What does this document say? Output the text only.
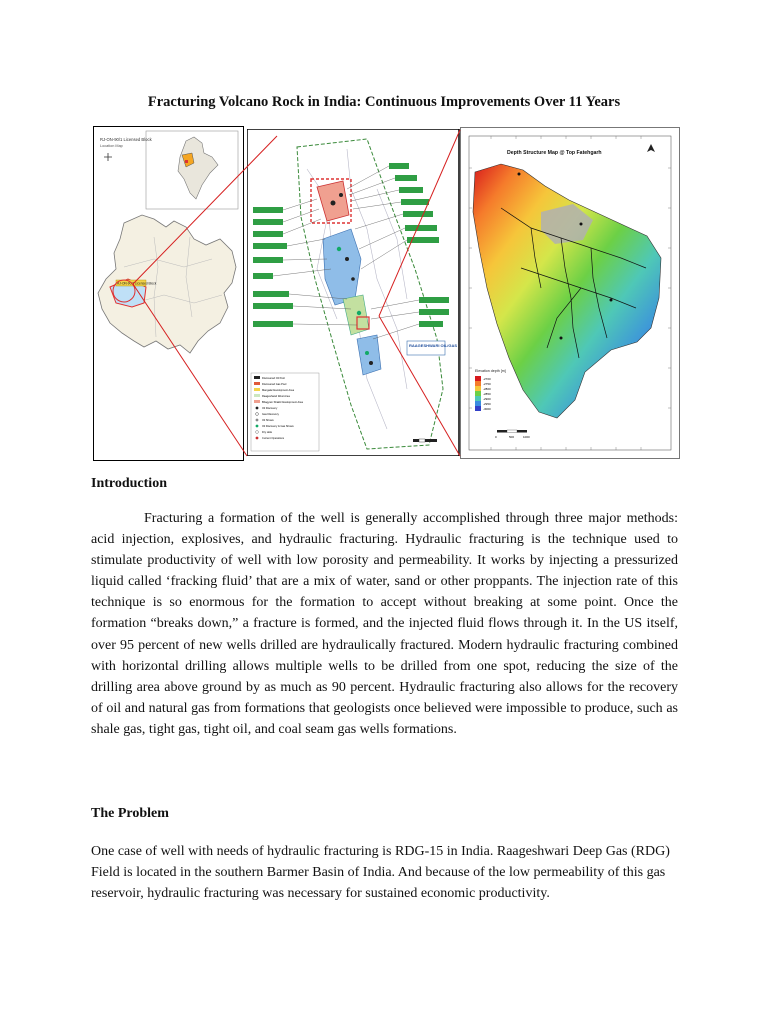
Fracturing Volcano Rock in India: Continuous Improvements Over 11 Years
RJ-ON-90/1 Licensed Block
Location Map
RJ-ON-90/1 Licensed Block
RAAGESHWARI OIL/GAS
Discovered Oil Pool
Discovered Gas Pool
Mangala Development Area
Raageshwari West Area
Bhagyam Shakti Development Area
Oil Discovery
Gas Discovery
Oil Shows
Oil Discovery & Gas Shows
Dry Hole
Current Operations
Depth Structure Map @ Top Fatehgarh
Elevation depth [m]
-2700
-2750
-2800
-2850
-2900
-2950
-3000
0	500	1000
Introduction
Fracturing a formation of the well is generally accomplished through three major methods: acid injection, explosives, and hydraulic fracturing. Hydraulic fracturing is the technique used to stimulate productivity of well with low porosity and permeability. It works by injecting a pressurized liquid called ‘fracking fluid’ that are a mix of water, sand or other proppants. The injection rate of this technique is so enormous for the formation to accept without breaking at some point. Once the formation “breaks down,” a fracture is formed, and the injected fluid flows through it. In the US itself, over 95 percent of new wells drilled are hydraulically fractured. Modern hydraulic fracturing combined with horizontal drilling allows multiple wells to be drilled from one spot, reducing the size of the drilling area above ground by as much as 90 percent. Hydraulic fracturing also allows for the recovery of oil and natural gas from formations that geologists once believed were impossible to produce, such as shale gas, tight gas, tight oil, and coal seam gas wells formations.
The Problem
One case of well with needs of hydraulic fracturing is RDG-15 in India. Raageshwari Deep Gas (RDG) Field is located in the southern Barmer Basin of India. And because of the low permeability of this gas reservoir, hydraulic fracturing was necessary for sustained economic productivity.
